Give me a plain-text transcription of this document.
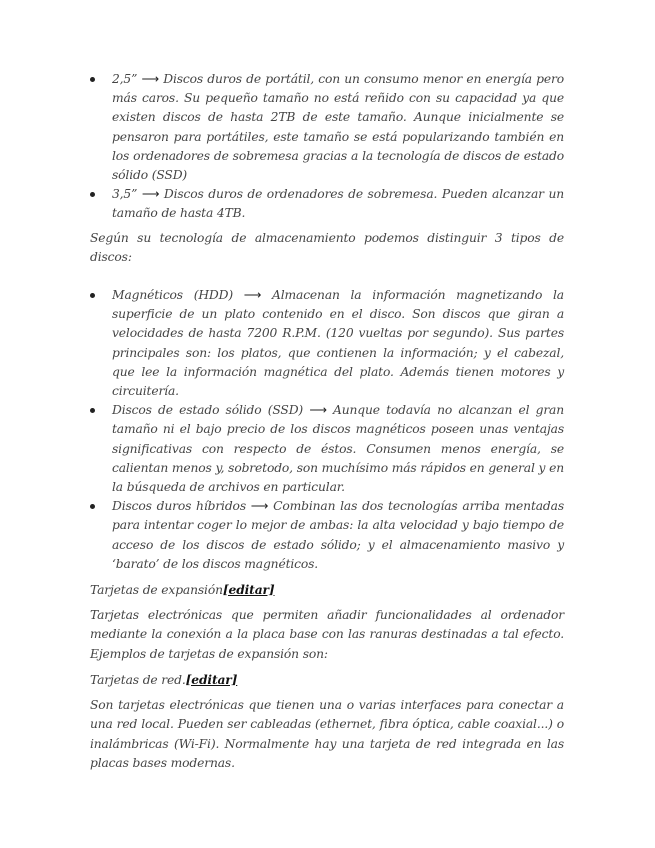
2,5” ⟶ Discos duros de portátil, con un consumo menor en energía pero más caros. Su pequeño tamaño no está reñido con su capacidad ya que existen discos de hasta 2TB de este tamaño. Aunque inicialmente se pensaron para portátiles, este tamaño se está popularizando también en los ordenadores de sobremesa gracias a la tecnología de discos de estado sólido (SSD)
3,5” ⟶ Discos duros de ordenadores de sobremesa. Pueden alcanzar un tamaño de hasta 4TB.

Según su tecnología de almacenamiento podemos distinguir 3 tipos de discos:

Magnéticos (HDD) ⟶ Almacenan la información magnetizando la superficie de un plato contenido en el disco. Son discos que giran a velocidades de hasta 7200 R.P.M. (120 vueltas por segundo). Sus partes principales son: los platos, que contienen la información; y el cabezal, que lee la información magnética del plato. Además tienen motores y circuitería.
Discos de estado sólido (SSD) ⟶ Aunque todavía no alcanzan el gran tamaño ni el bajo precio de los discos magnéticos poseen unas ventajas significativas con respecto de éstos. Consumen menos energía, se calientan menos y, sobretodo, son muchísimo más rápidos en general y en la búsqueda de archivos en particular.
Discos duros híbridos ⟶ Combinan las dos tecnologías arriba mentadas para intentar coger lo mejor de ambas: la alta velocidad y bajo tiempo de acceso de los discos de estado sólido; y el almacenamiento masivo y ‘barato’ de los discos magnéticos.

Tarjetas de expansión[editar]

Tarjetas electrónicas que permiten añadir funcionalidades al ordenador mediante la conexión a la placa base con las ranuras destinadas a tal efecto. Ejemplos de tarjetas de expansión son:

Tarjetas de red.[editar]

Son tarjetas electrónicas que tienen una o varias interfaces para conectar a una red local. Pueden ser cableadas (ethernet, fibra óptica, cable coaxial...) o inalámbricas (Wi-Fi). Normalmente hay una tarjeta de red integrada en las placas bases modernas.
